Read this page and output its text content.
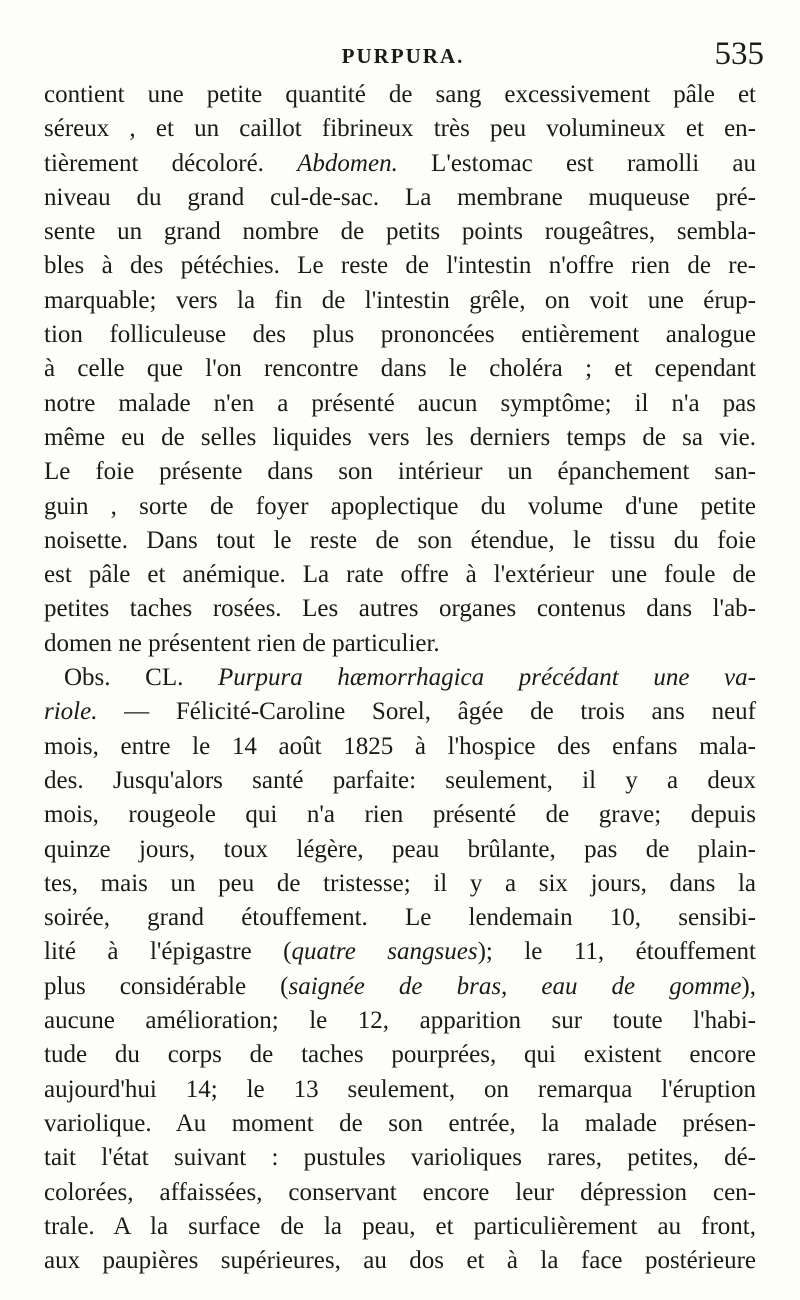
PURPURA.	535
contient une petite quantité de sang excessivement pâle et
séreux , et un caillot fibrineux très peu volumineux et en-
tièrement décoloré. Abdomen. L'estomac est ramolli au
niveau du grand cul-de-sac. La membrane muqueuse pré-
sente un grand nombre de petits points rougeâtres, sembla-
bles à des pétéchies. Le reste de l'intestin n'offre rien de re-
marquable; vers la fin de l'intestin grêle, on voit une érup-
tion folliculeuse des plus prononcées entièrement analogue
à celle que l'on rencontre dans le choléra ; et cependant
notre malade n'en a présenté aucun symptôme; il n'a pas
même eu de selles liquides vers les derniers temps de sa vie.
Le foie présente dans son intérieur un épanchement san-
guin , sorte de foyer apoplectique du volume d'une petite
noisette. Dans tout le reste de son étendue, le tissu du foie
est pâle et anémique. La rate offre à l'extérieur une foule de
petites taches rosées. Les autres organes contenus dans l'ab-
domen ne présentent rien de particulier.
Obs. CL. Purpura hæmorrhagica précédant une va-
riole. — Félicité-Caroline Sorel, âgée de trois ans neuf
mois, entre le 14 août 1825 à l'hospice des enfans mala-
des. Jusqu'alors santé parfaite: seulement, il y a deux
mois, rougeole qui n'a rien présenté de grave; depuis
quinze jours, toux légère, peau brûlante, pas de plain-
tes, mais un peu de tristesse; il y a six jours, dans la
soirée, grand étouffement. Le lendemain 10, sensibi-
lité à l'épigastre (quatre sangsues); le 11, étouffement
plus considérable (saignée de bras, eau de gomme),
aucune amélioration; le 12, apparition sur toute l'habi-
tude du corps de taches pourprées, qui existent encore
aujourd'hui 14; le 13 seulement, on remarqua l'éruption
variolique. Au moment de son entrée, la malade présen-
tait l'état suivant : pustules varioliques rares, petites, dé-
colorées, affaissées, conservant encore leur dépression cen-
trale. A la surface de la peau, et particulièrement au front,
aux paupières supérieures, au dos et à la face postérieure
